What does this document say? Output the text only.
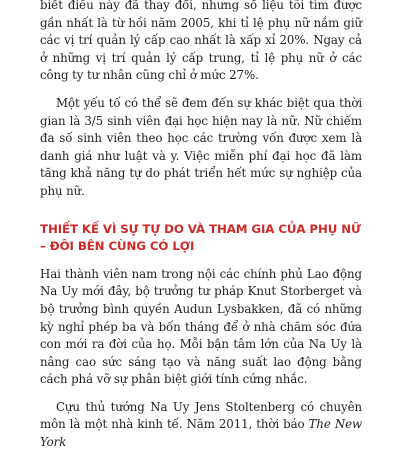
biết điều này đã thay đổi, nhưng số liệu tôi tìm được gần nhất là từ hồi năm 2005, khi tỉ lệ phụ nữ nắm giữ các vị trí quản lý cấp cao nhất là xấp xỉ 20%. Ngay cả ở những vị trí quản lý cấp trung, tỉ lệ phụ nữ ở các công ty tư nhân cũng chỉ ở mức 27%.

Một yếu tố có thể sẽ đem đến sự khác biệt qua thời gian là 3/5 sinh viên đại học hiện nay là nữ. Nữ chiếm đa số sinh viên theo học các trường vốn được xem là danh giá như luật và y. Việc miễn phí đại học đã làm tăng khả năng tự do phát triển hết mức sự nghiệp của phụ nữ.

THIẾT KẾ VÌ SỰ TỰ DO VÀ THAM GIA CỦA PHỤ NỮ – ĐÔI BÊN CÙNG CÓ LỢI

Hai thành viên nam trong nội các chính phủ Lao động Na Uy mới đây, bộ trưởng tư pháp Knut Storberget và bộ trưởng bình quyền Audun Lysbakken, đã có những kỳ nghỉ phép ba và bốn tháng để ở nhà chăm sóc đứa con mới ra đời của họ. Mỗi bận tâm lớn của Na Uy là nâng cao sức sáng tạo và năng suất lao động bằng cách phá vỡ sự phân biệt giới tính cứng nhắc.

Cựu thủ tướng Na Uy Jens Stoltenberg có chuyên môn là một nhà kinh tế. Năm 2011, thời báo The New York
